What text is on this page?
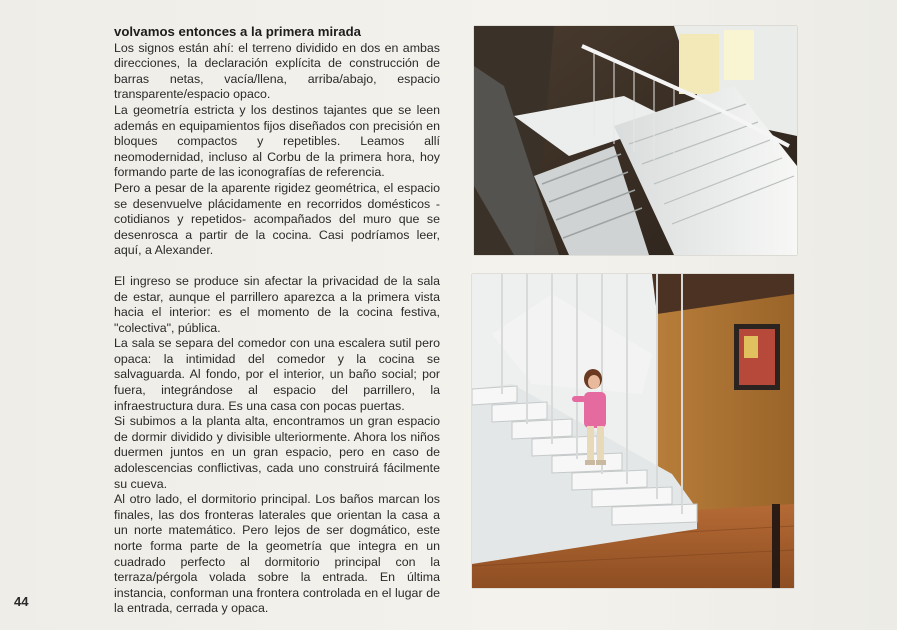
volvamos entonces a la primera mirada

Los signos están ahí: el terreno dividido en dos en ambas direcciones, la declaración explícita de construcción de barras netas, vacía/llena, arriba/abajo, espacio transparente/espacio opaco.

La geometría estricta y los destinos tajantes que se leen además en equipamientos fijos diseñados con precisión en bloques compactos y repetibles. Leamos allí neomodernidad, incluso al Corbu de la primera hora, hoy formando parte de las iconografías de referencia.

Pero a pesar de la aparente rigidez geométrica, el espacio se desenvuelve plácidamente en recorridos domésticos - cotidianos y repetidos- acompañados del muro que se desenrosca a partir de la cocina. Casi podríamos leer, aquí, a Alexander.

El ingreso se produce sin afectar la privacidad de la sala de estar, aunque el parrillero aparezca a la primera vista hacia el interior: es el momento de la cocina festiva, "colectiva", pública.

La sala se separa del comedor con una escalera sutil pero opaca: la intimidad del comedor y la cocina se salvaguarda. Al fondo, por el interior, un baño social; por fuera, integrándose al espacio del parrillero, la infraestructura dura. Es una casa con pocas puertas.

Si subimos a la planta alta, encontramos un gran espacio de dormir dividido y divisible ulteriormente. Ahora los niños duermen juntos en un gran espacio, pero en caso de adolescencias conflictivas, cada uno construirá fácilmente su cueva.

Al otro lado, el dormitorio principal. Los baños marcan los finales, las dos fronteras laterales que orientan la casa a un norte matemático. Pero lejos de ser dogmático, este norte forma parte de la geometría que integra en un cuadrado perfecto al dormitorio principal con la terraza/pérgola volada sobre la entrada. En última instancia, conforman una frontera controlada en el lugar de la entrada, cerrada y opaca.

44
